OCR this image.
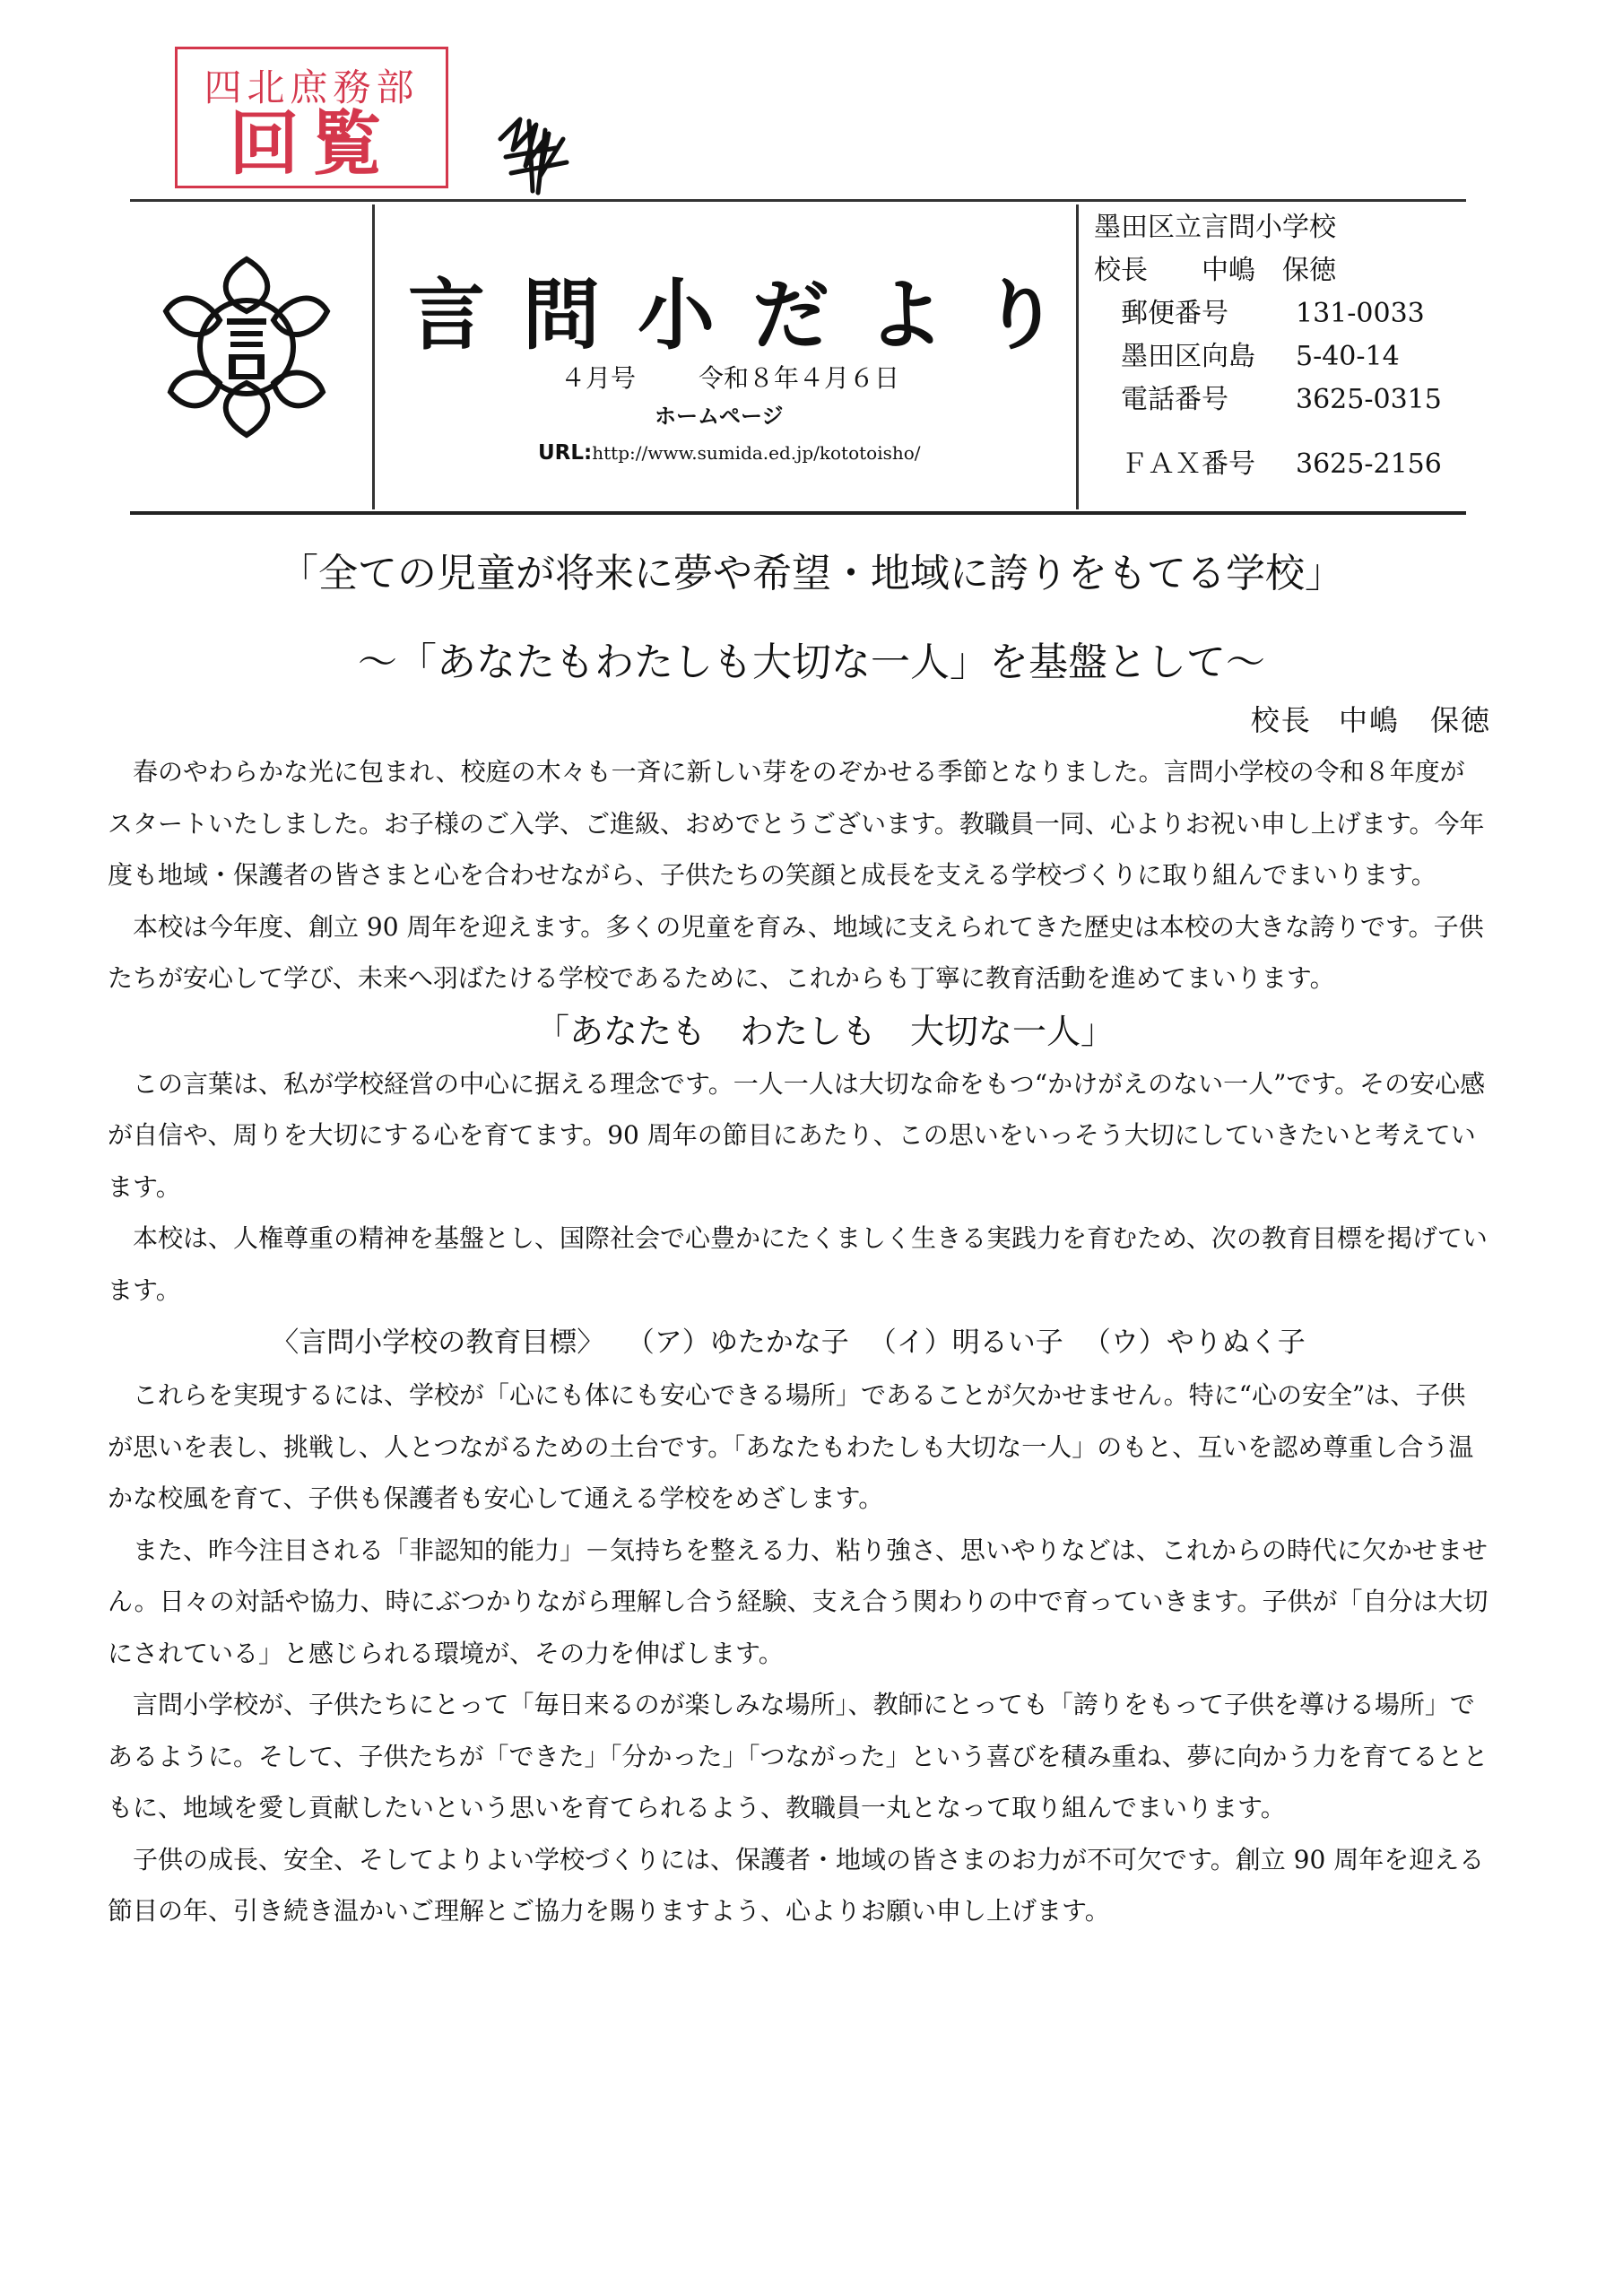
四北庶務部
回覧
言問小だより
４月号	令和８年４月６日
ホームページ
URL:http://www.sumida.ed.jp/kototoisho/
墨田区立言問小学校
校長　　 中嶋　保徳
郵便番号	131-0033
墨田区向島 5-40-14
電話番号	3625-0315
ＦＡＸ番号 3625-2156
「全ての児童が将来に夢や希望・地域に誇りをもてる学校」
～「あなたもわたしも大切な一人」を基盤として～
校長 中嶋　保徳

春のやわらかな光に包まれ、校庭の木々も一斉に新しい芽をのぞかせる季節となりました。言問小学校の令和８年度がスタートいたしました。お子様のご入学、ご進級、おめでとうございます。教職員一同、心よりお祝い申し上げます。今年度も地域・保護者の皆さまと心を合わせながら、子供たちの笑顔と成長を支える学校づくりに取り組んでまいります。

本校は今年度、創立 90 周年を迎えます。多くの児童を育み、地域に支えられてきた歴史は本校の大きな誇りです。子供たちが安心して学び、未来へ羽ばたける学校であるために、これからも丁寧に教育活動を進めてまいります。

「あなたも　わたしも　大切な一人」

この言葉は、私が学校経営の中心に据える理念です。一人一人は大切な命をもつ“かけがえのない一人”です。その安心感が自信や、周りを大切にする心を育てます。90 周年の節目にあたり、この思いをいっそう大切にしていきたいと考えています。

本校は、人権尊重の精神を基盤とし、国際社会で心豊かにたくましく生きる実践力を育むため、次の教育目標を掲げています。

〈言問小学校の教育目標〉 （ア）ゆたかな子 （イ）明るい子 （ウ）やりぬく子

これらを実現するには、学校が「心にも体にも安心できる場所」であることが欠かせません。特に“心の安全”は、子供が思いを表し、挑戦し、人とつながるための土台です。「あなたもわたしも大切な一人」のもと、互いを認め尊重し合う温かな校風を育て、子供も保護者も安心して通える学校をめざします。

また、昨今注目される「非認知的能力」－気持ちを整える力、粘り強さ、思いやりなどは、これからの時代に欠かせません。日々の対話や協力、時にぶつかりながら理解し合う経験、支え合う関わりの中で育っていきます。子供が「自分は大切にされている」と感じられる環境が、その力を伸ばします。

言問小学校が、子供たちにとって「毎日来るのが楽しみな場所」、教師にとっても「誇りをもって子供を導ける場所」であるように。そして、子供たちが「できた」「分かった」「つながった」という喜びを積み重ね、夢に向かう力を育てるとともに、地域を愛し貢献したいという思いを育てられるよう、教職員一丸となって取り組んでまいります。

子供の成長、安全、そしてよりよい学校づくりには、保護者・地域の皆さまのお力が不可欠です。創立 90 周年を迎える節目の年、引き続き温かいご理解とご協力を賜りますよう、心よりお願い申し上げます。
